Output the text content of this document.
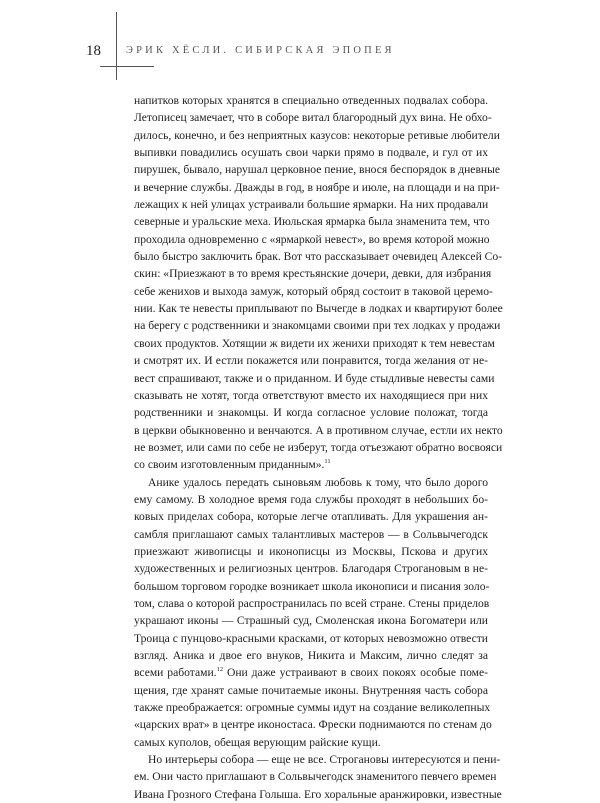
18 ЭРИК ХЁСЛИ. СИБИРСКАЯ ЭПОПЕЯ
напитков которых хранятся в специально отведенных подвалах собора.
Летописец замечает, что в соборе витал благородный дух вина. Не обхо-
дилось, конечно, и без неприятных казусов: некоторые ретивые любители
выпивки повадились осушать свои чарки прямо в подвале, и гул от их
пирушек, бывало, нарушал церковное пение, внося беспорядок в дневные
и вечерние службы. Дважды в год, в ноябре и июле, на площади и на при-
лежащих к ней улицах устраивали большие ярмарки. На них продавали
северные и уральские меха. Июльская ярмарка была знаменита тем, что
проходила одновременно с «ярмаркой невест», во время которой можно
было быстро заключить брак. Вот что рассказывает очевидец Алексей Со-
скин: «Приезжают в то время крестьянские дочери, девки, для избрания
себе женихов и выхода замуж, который обряд состоит в таковой церемо-
нии. Как те невесты приплывают по Вычегде в лодках и квартируют более
на берегу с родственники и знакомцами своими при тех лодках у продажи
своих продуктов. Хотящии ж видети их женихи приходят к тем невестам
и смотрят их. И естли покажется или понравится, тогда желания от не-
вест спрашивают, также и о приданном. И буде стыдливые невесты сами
сказывать не хотят, тогда ответствуют вместо их находящиеся при них
родственники и знакомцы. И когда согласное условие положат, тогда
в церкви обыкновенно и венчаются. А в противном случае, естли их некто
не возмет, или сами по себе не изберут, тогда отъезжают обратно восвояси
со своим изготовленным приданным».$^{11}$
Анике удалось передать сыновьям любовь к тому, что было дорого
ему самому. В холодное время года службы проходят в небольших бо-
ковых приделах собора, которые легче отапливать. Для украшения ан-
самбля приглашают самых талантливых мастеров — в Сольвычегодск
приезжают живописцы и иконописцы из Москвы, Пскова и других
художественных и религиозных центров. Благодаря Строгановым в не-
большом торговом городке возникает школа иконописи и писания золо-
том, слава о которой распространилась по всей стране. Стены приделов
украшают иконы — Страшный суд, Смоленская икона Богоматери или
Троица с пунцово-красными красками, от которых невозможно отвести
взгляд. Аника и двое его внуков, Никита и Максим, лично следят за
всеми работами.$^{12}$ Они даже устраивают в своих покоях особые поме-
щения, где хранят самые почитаемые иконы. Внутренняя часть собора
также преображается: огромные суммы идут на создание великолепных
«царских врат» в центре иконостаса. Фрески поднимаются по стенам до
самых куполов, обещая верующим райские кущи.
Но интерьеры собора — еще не все. Строгановы интересуются и пени-
ем. Они часто приглашают в Сольвычегодск знаменитого певчего времен
Ивана Грозного Стефана Голыша. Его хоральные аранжировки, известные
